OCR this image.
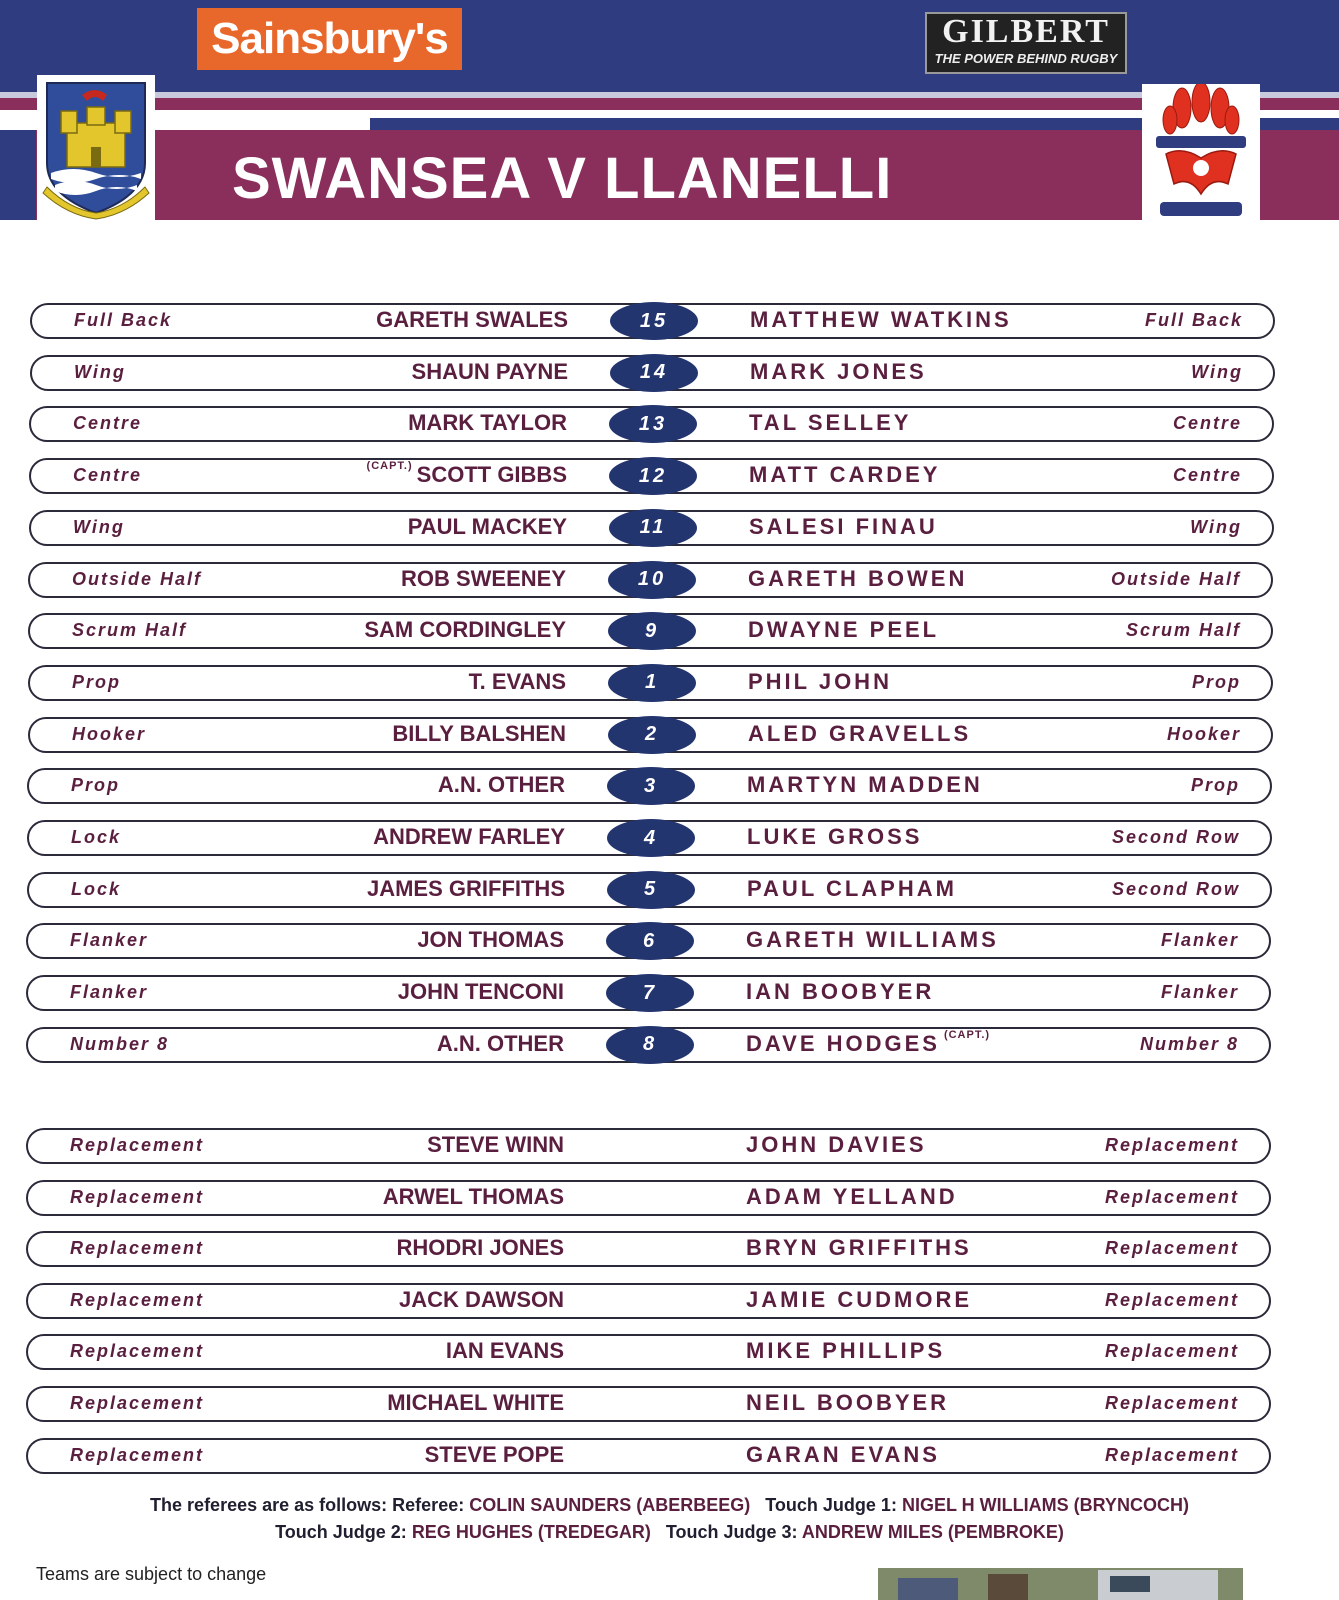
Sainsbury's	GILBERT
THE POWER BEHIND RUGBY
SWANSEA V LLANELLI
Full Back	GARETH SWALES	15	MATTHEW WATKINS	Full Back
Wing	SHAUN PAYNE	14	MARK JONES	Wing
Centre	MARK TAYLOR	13	TAL SELLEY	Centre
Centre	$^{(CAPT.)}$ SCOTT GIBBS	12	MATT CARDEY	Centre
Wing	PAUL MACKEY	11	SALESI FINAU	Wing
Outside Half	ROB SWEENEY	10	GARETH BOWEN	Outside Half
Scrum Half	SAM CORDINGLEY	9	DWAYNE PEEL	Scrum Half
Prop	T. EVANS	1	PHIL JOHN	Prop
Hooker	BILLY BALSHEN	2	ALED GRAVELLS	Hooker
Prop	A.N. OTHER	3	MARTYN MADDEN	Prop
Lock	ANDREW FARLEY	4	LUKE GROSS	Second Row
Lock	JAMES GRIFFITHS	5	PAUL CLAPHAM	Second Row
Flanker	JON THOMAS	6	GARETH WILLIAMS	Flanker
Flanker	JOHN TENCONI	7	IAN BOOBYER	Flanker
Number 8	A.N. OTHER	8	DAVE HODGES $^{(CAPT.)}$	Number 8
Replacement	STEVE WINN	JOHN DAVIES	Replacement
Replacement	ARWEL THOMAS	ADAM YELLAND	Replacement
Replacement	RHODRI JONES	BRYN GRIFFITHS	Replacement
Replacement	JACK DAWSON	JAMIE CUDMORE	Replacement
Replacement	IAN EVANS	MIKE PHILLIPS	Replacement
Replacement	MICHAEL WHITE	NEIL BOOBYER	Replacement
Replacement	STEVE POPE	GARAN EVANS	Replacement
The referees are as follows: Referee: COLIN SAUNDERS (ABERBEEG) Touch Judge 1: NIGEL H WILLIAMS (BRYNCOCH)
Touch Judge 2: REG HUGHES (TREDEGAR) Touch Judge 3: ANDREW MILES (PEMBROKE)
Teams are subject to change
